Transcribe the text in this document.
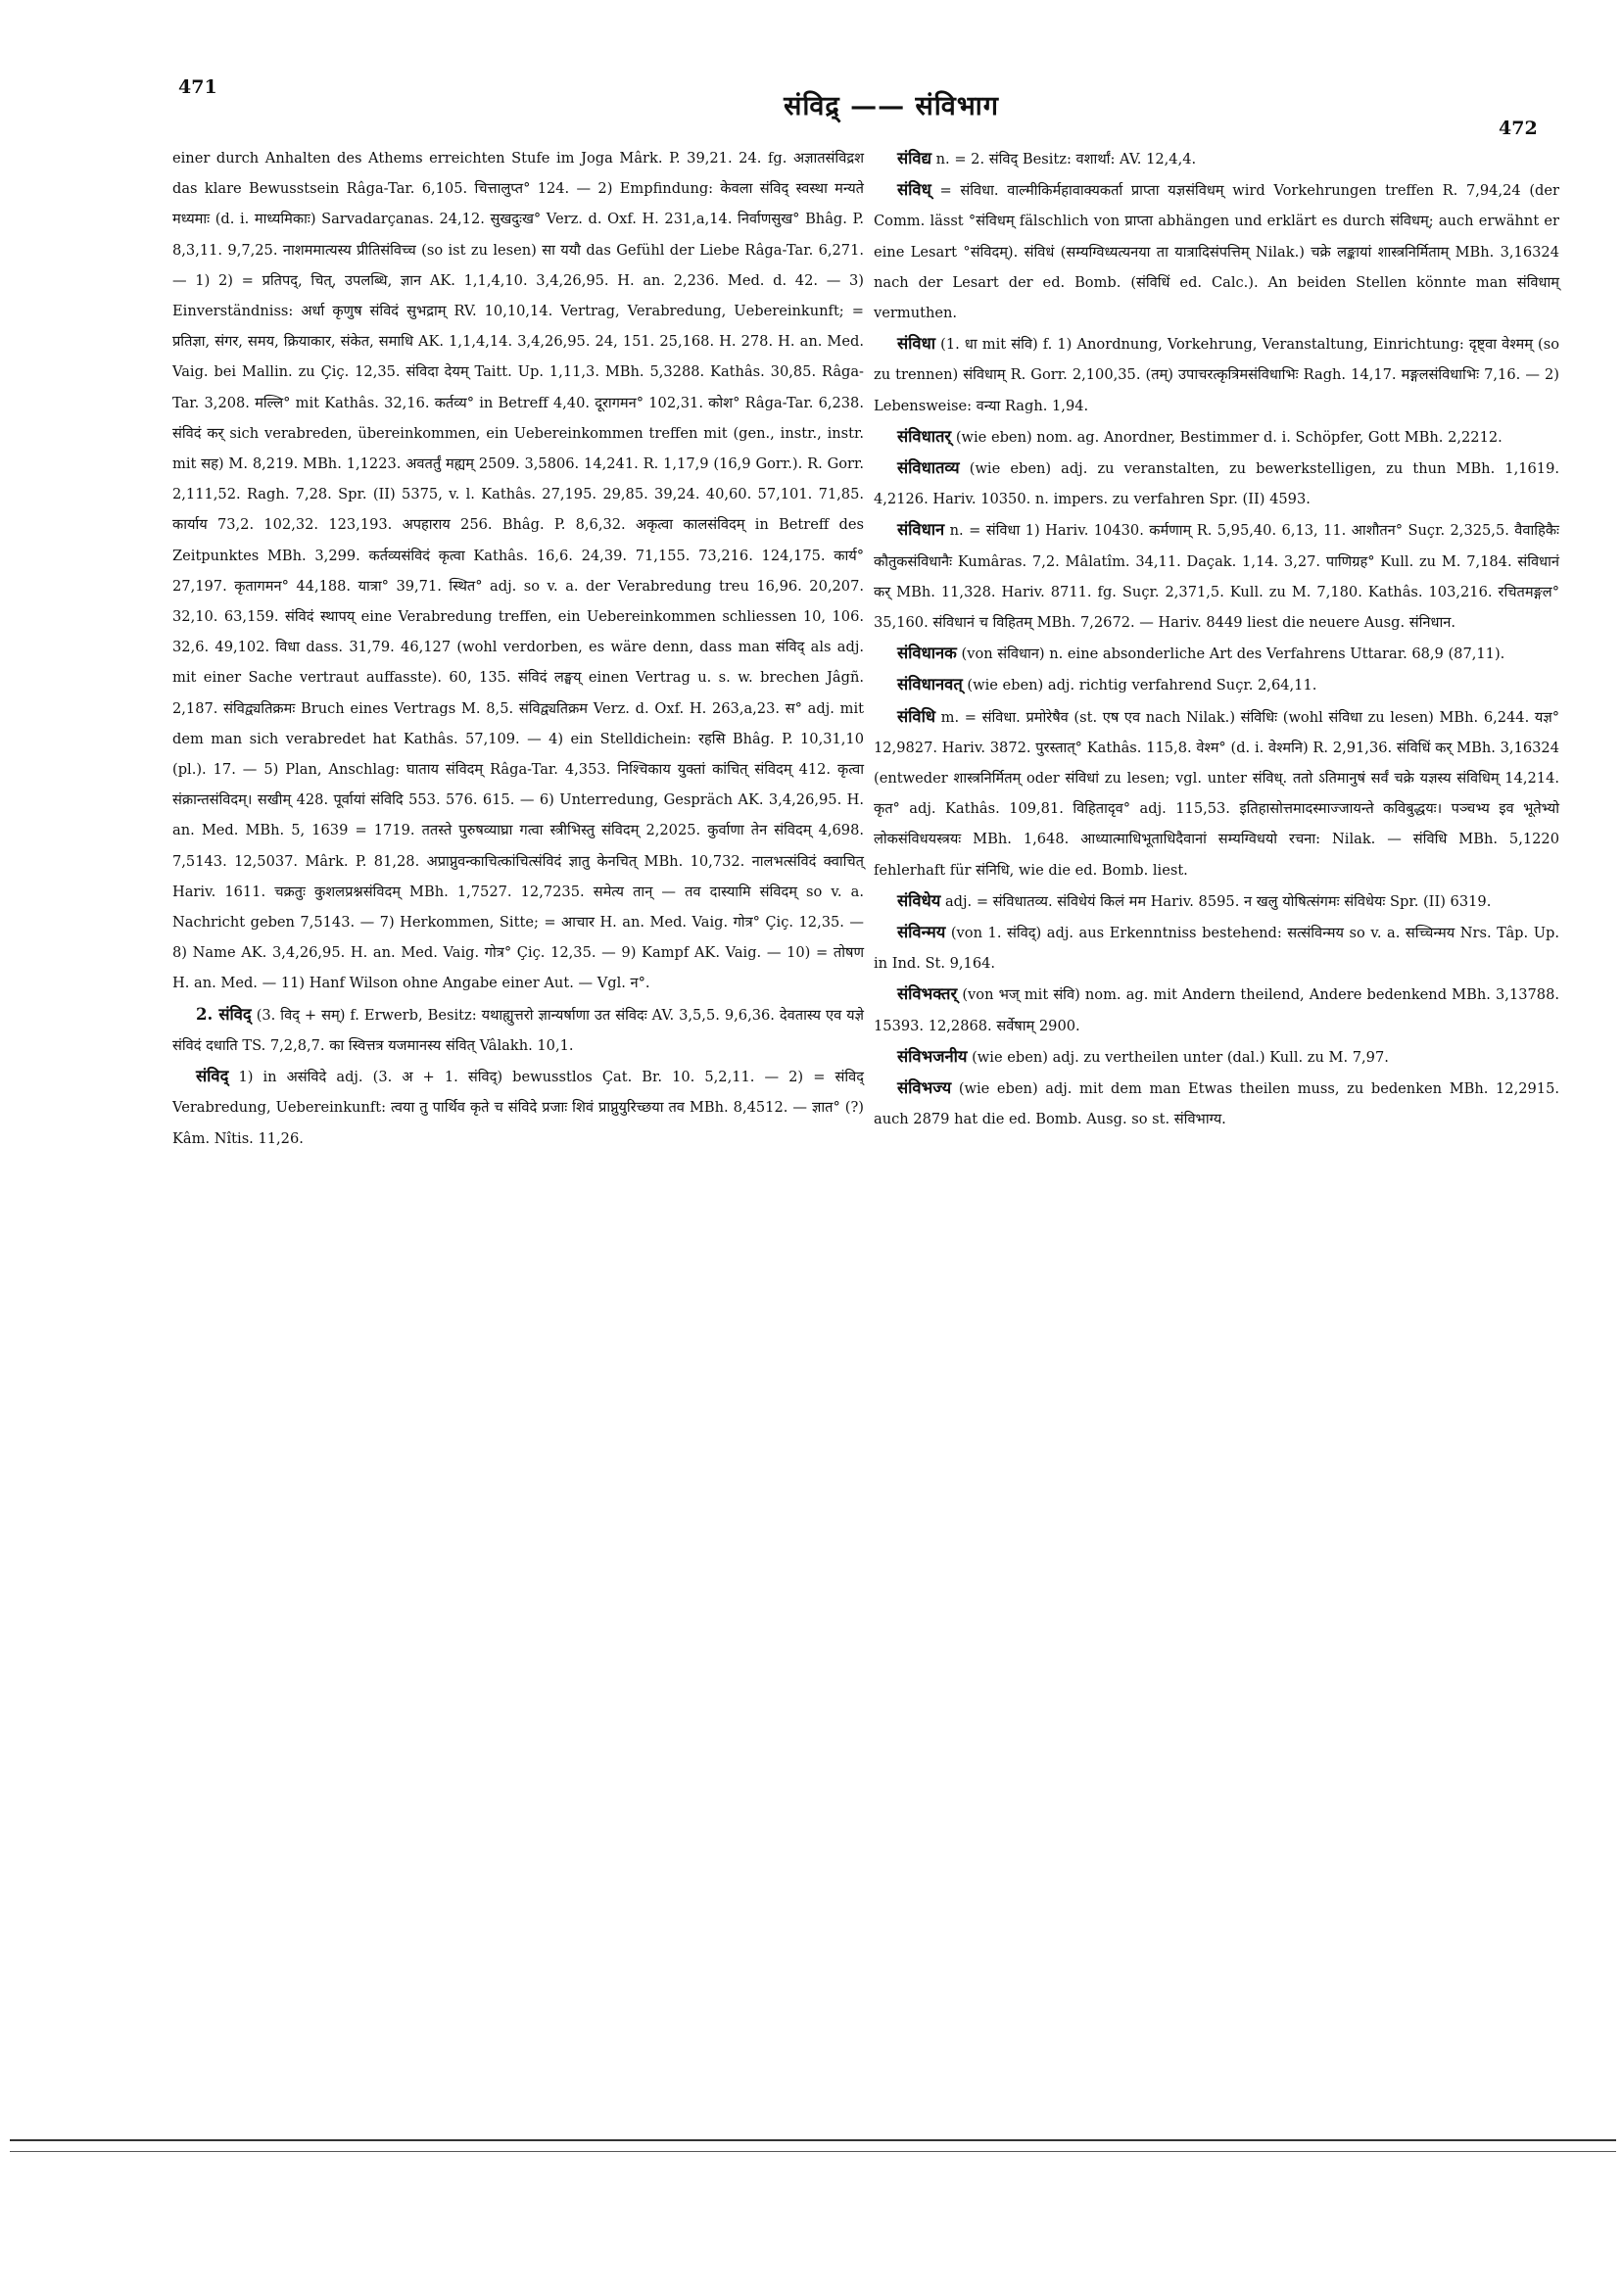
471
संविद्र् —— संविभाग
472

einer durch Anhalten des Athems erreichten Stufe im Joga Mârk. P. 39,21. 24. fg. अज्ञातसंविद्रश das klare Bewusstsein Râga-Tar. 6,105. चित्तालुप्त° 124. — 2) Empfindung: केवला संविद् स्वस्था मन्यते मध्यमाः (d. i. माध्यमिकाः) Sarvadarçanas. 24,12. सुखदुःख° Verz. d. Oxf. H. 231,a,14. निर्वाणसुख° Bhâg. P. 8,3,11. 9,7,25. नाशममात्यस्य प्रीतिसंविच्च (so ist zu lesen) सा ययौ das Gefühl der Liebe Râga-Tar. 6,271. — 1) 2) = प्रतिपद्, चित्, उपलब्धि, ज्ञान AK. 1,1,4,10. 3,4,26,95. H. an. 2,236. Med. d. 42. — 3) Einverständniss: अर्धा कृणुष संविदं सुभद्राम् RV. 10,10,14. Vertrag, Verabredung, Uebereinkunft; = प्रतिज्ञा, संगर, समय, क्रियाकार, संकेत, समाधि AK. 1,1,4,14. 3,4,26,95. 24, 151. 25,168. H. 278. H. an. Med. Vaig. bei Mallin. zu Çiç. 12,35. संविदा देयम् Taitt. Up. 1,11,3. MBh. 5,3288. Kathâs. 30,85. Râga-Tar. 3,208. मल्लि° mit Kathâs. 32,16. कर्तव्य° in Betreff 4,40. दूरागमन° 102,31. कोश° Râga-Tar. 6,238. संविदं कर् sich verabreden, übereinkommen, ein Uebereinkommen treffen mit (gen., instr., instr. mit सह) M. 8,219. MBh. 1,1223. अवतर्तुं मह्यम् 2509. 3,5806. 14,241. R. 1,17,9 (16,9 Gorr.). R. Gorr. 2,111,52. Ragh. 7,28. Spr. (II) 5375, v. l. Kathâs. 27,195. 29,85. 39,24. 40,60. 57,101. 71,85. कार्याय 73,2. 102,32. 123,193. अपहाराय 256. Bhâg. P. 8,6,32. अकृत्वा कालसंविदम् in Betreff des Zeitpunktes MBh. 3,299. कर्तव्यसंविदं कृत्वा Kathâs. 16,6. 24,39. 71,155. 73,216. 124,175. कार्य° 27,197. कृतागमन° 44,188. यात्रा° 39,71. स्थित° adj. so v. a. der Verabredung treu 16,96. 20,207. 32,10. 63,159. संविदं स्थापय् eine Verabredung treffen, ein Uebereinkommen schliessen 10, 106. 32,6. 49,102. विधा dass. 31,79. 46,127 (wohl verdorben, es wäre denn, dass man संविद् als adj. mit einer Sache vertraut auffasste). 60, 135. संविदं लङ्घय् einen Vertrag u. s. w. brechen Jâgñ. 2,187. संविद्व्यतिक्रमः Bruch eines Vertrags M. 8,5. संविद्व्यतिक्रम Verz. d. Oxf. H. 263,a,23. स° adj. mit dem man sich verabredet hat Kathâs. 57,109. — 4) ein Stelldichein: रहसि Bhâg. P. 10,31,10 (pl.). 17. — 5) Plan, Anschlag: घाताय संविदम् Râga-Tar. 4,353. निश्चिकाय युक्तां कांचित् संविदम् 412. कृत्वा संक्रान्तसंविदम्। सखीम् 428. पूर्वायां संविदि 553. 576. 615. — 6) Unterredung, Gespräch AK. 3,4,26,95. H. an. Med. MBh. 5, 1639 = 1719. ततस्ते पुरुषव्याघ्रा गत्वा स्त्रीभिस्तु संविदम् 2,2025. कुर्वाणा तेन संविदम् 4,698. 7,5143. 12,5037. Mârk. P. 81,28. अप्राप्नुवन्काचित्कांचित्संविदं ज्ञातु केनचित् MBh. 10,732. नालभत्संविदं क्वाचित् Hariv. 1611. चक्रतुः कुशलप्रश्नसंविदम् MBh. 1,7527. 12,7235. समेत्य तान् — तव दास्यामि संविदम् so v. a. Nachricht geben 7,5143. — 7) Herkommen, Sitte; = आचार H. an. Med. Vaig. गोत्र° Çiç. 12,35. — 8) Name AK. 3,4,26,95. H. an. Med. Vaig. गोत्र° Çiç. 12,35. — 9) Kampf AK. Vaig. — 10) = तोषण H. an. Med. — 11) Hanf Wilson ohne Angabe einer Aut. — Vgl. न°.

2. संविद् (3. विद् + सम्) f. Erwerb, Besitz: यथाह्युत्तरो ज्ञान्यर्षाणा उत संविदः AV. 3,5,5. 9,6,36. देवतास्य एव यज्ञे संविदं दधाति TS. 7,2,8,7. का स्वित्तत्र यजमानस्य संवित् Vâlakh. 10,1.

संविद् 1) in असंविदे adj. (3. अ + 1. संविद्) bewusstlos Çat. Br. 10. 5,2,11. — 2) = संविद् Verabredung, Uebereinkunft: त्वया तु पार्थिव कृते च संविदे प्रजाः शिवं प्राप्नुयुरिच्छया तव MBh. 8,4512. — ज्ञात° (?) Kâm. Nîtis. 11,26.

संविद्य n. = 2. संविद् Besitz: वशार्थां: AV. 12,4,4.

संविध् = संविधा. वाल्मीकिर्महावाक्यकर्ता प्राप्ता यज्ञसंविधम् wird Vorkehrungen treffen R. 7,94,24 (der Comm. lässt °संविधम् fälschlich von प्राप्ता abhängen und erklärt es durch संविधम्; auch erwähnt er eine Lesart °संविदम्). संविधं (सम्यग्विध्यत्यनया ता यात्रादिसंपत्तिम् Nilak.) चक्रे लङ्कायां शास्त्रनिर्मिताम् MBh. 3,16324 nach der Lesart der ed. Bomb. (संविधिं ed. Calc.). An beiden Stellen könnte man संविधाम् vermuthen.

संविधा (1. धा mit संवि) f. 1) Anordnung, Vorkehrung, Veranstaltung, Einrichtung: दृष्ट्वा वेश्मम् (so zu trennen) संविधाम् R. Gorr. 2,100,35. (तम्) उपाचरत्कृत्रिमसंविधाभिः Ragh. 14,17. मङ्गलसंविधाभिः 7,16. — 2) Lebensweise: वन्या Ragh. 1,94.

संविधातर् (wie eben) nom. ag. Anordner, Bestimmer d. i. Schöpfer, Gott MBh. 2,2212.

संविधातव्य (wie eben) adj. zu veranstalten, zu bewerkstelligen, zu thun MBh. 1,1619. 4,2126. Hariv. 10350. n. impers. zu verfahren Spr. (II) 4593.

संविधान n. = संविधा 1) Hariv. 10430. कर्मणाम् R. 5,95,40. 6,13, 11. आशौतन° Suçr. 2,325,5. वैवाहिकैः कौतुकसंविधानैः Kumâras. 7,2. Mâlatîm. 34,11. Daçak. 1,14. 3,27. पाणिग्रह° Kull. zu M. 7,184. संविधानं कर् MBh. 11,328. Hariv. 8711. fg. Suçr. 2,371,5. Kull. zu M. 7,180. Kathâs. 103,216. रचितमङ्गल° 35,160. संविधानं च विहितम् MBh. 7,2672. — Hariv. 8449 liest die neuere Ausg. संनिधान.

संविधानक (von संविधान) n. eine absonderliche Art des Verfahrens Uttarar. 68,9 (87,11).

संविधानवत् (wie eben) adj. richtig verfahrend Suçr. 2,64,11.

संविधि m. = संविधा. प्रमोरेषैव (st. एष एव nach Nilak.) संविधिः (wohl संविधा zu lesen) MBh. 6,244. यज्ञ° 12,9827. Hariv. 3872. पुरस्तात्° Kathâs. 115,8. वेश्म° (d. i. वेश्मनि) R. 2,91,36. संविधिं कर् MBh. 3,16324 (entweder शास्त्रनिर्मितम् oder संविधां zu lesen; vgl. unter संविध्. ततो ऽतिमानुषं सर्वं चक्रे यज्ञस्य संविधिम् 14,214. कृत° adj. Kathâs. 109,81. विहितादृव° adj. 115,53. इतिहासोत्तमादस्माज्जायन्ते कविबुद्धयः। पञ्चभ्य इव भूतेभ्यो लोकसंविधयस्त्रयः MBh. 1,648. आध्यात्माधिभूताधिदैवानां सम्यग्विधयो रचना: Nilak. — संविधि MBh. 5,1220 fehlerhaft für संनिधि, wie die ed. Bomb. liest.

संविधेय adj. = संविधातव्य. संविधेयं किलं मम Hariv. 8595. न खलु योषित्संगमः संविधेयः Spr. (II) 6319.

संविन्मय (von 1. संविद्) adj. aus Erkenntniss bestehend: सत्संविन्मय so v. a. सच्चिन्मय Nrs. Tâp. Up. in Ind. St. 9,164.

संविभक्तर् (von भज् mit संवि) nom. ag. mit Andern theilend, Andere bedenkend MBh. 3,13788. 15393. 12,2868. सर्वेषाम् 2900.

संविभजनीय (wie eben) adj. zu vertheilen unter (dal.) Kull. zu M. 7,97.

संविभज्य (wie eben) adj. mit dem man Etwas theilen muss, zu bedenken MBh. 12,2915. auch 2879 hat die ed. Bomb. Ausg. so st. संविभाग्य.
